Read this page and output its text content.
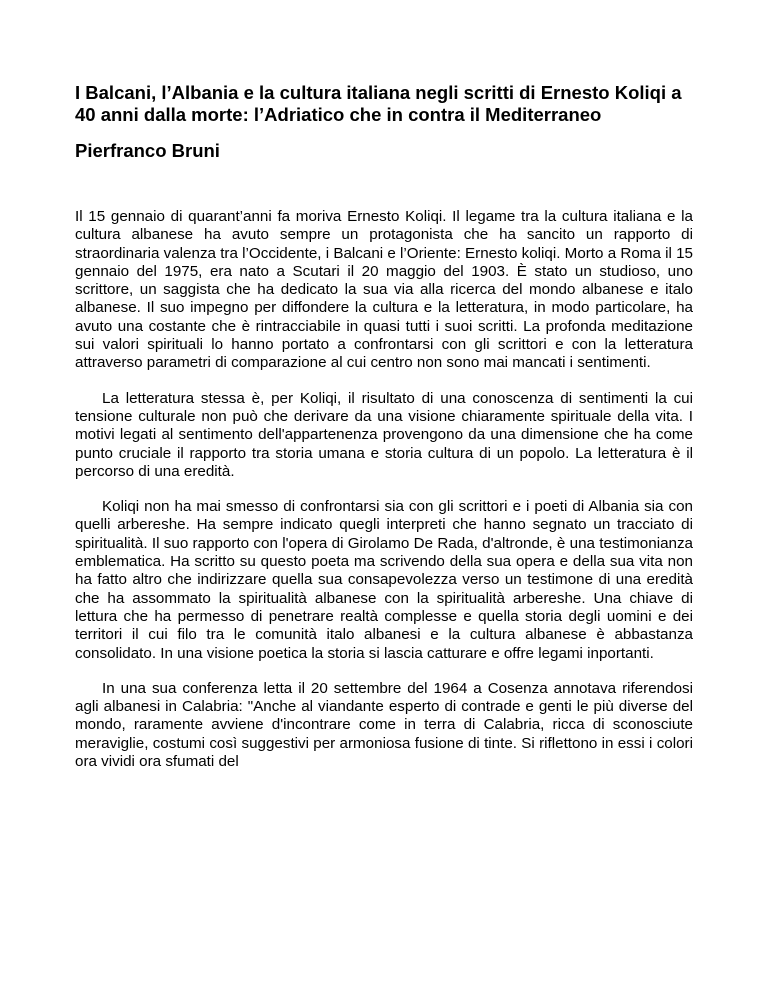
I Balcani, l’Albania e la cultura italiana negli scritti di Ernesto Koliqi a 40 anni dalla morte: l’Adriatico che in contra il Mediterraneo
Pierfranco Bruni

Il 15 gennaio di quarant’anni fa moriva Ernesto Koliqi. Il legame tra la cultura italiana e la cultura albanese ha avuto sempre un protagonista che ha sancito un rapporto di straordinaria valenza tra l’Occidente, i Balcani e l’Oriente: Ernesto koliqi. Morto a Roma il 15 gennaio del 1975, era nato a Scutari il 20 maggio del 1903. È stato un studioso, uno scrittore, un saggista che ha dedicato la sua via alla ricerca del mondo albanese e italo albanese. Il suo impegno per diffondere la cultura e la letteratura, in modo particolare, ha avuto una costante che è rintracciabile in quasi tutti i suoi scritti. La profonda meditazione sui valori spirituali lo hanno portato a confrontarsi con gli scrittori e con la letteratura attraverso parametri di comparazione al cui centro non sono mai mancati i sentimenti.

La letteratura stessa è, per Koliqi, il risultato di una conoscenza di sentimenti la cui tensione culturale non può che derivare da una visione chiaramente spirituale della vita. I motivi legati al sentimento dell'appartenenza provengono da una dimensione che ha come punto cruciale il rapporto tra storia umana e storia cultura di un popolo. La letteratura è il percorso di una eredità.

Koliqi non ha mai smesso di confrontarsi sia con gli scrittori e i poeti di Albania sia con quelli arbereshe. Ha sempre indicato quegli interpreti che hanno segnato un tracciato di spiritualità. Il suo rapporto con l'opera di Girolamo De Rada, d'altronde, è una testimonianza emblematica. Ha scritto su questo poeta ma scrivendo della sua opera e della sua vita non ha fatto altro che indirizzare quella sua consapevolezza verso un testimone di una eredità che ha assommato la spiritualità albanese con la spiritualità arbereshe. Una chiave di lettura che ha permesso di penetrare realtà complesse e quella storia degli uomini e dei territori il cui filo tra le comunità italo albanesi e la cultura albanese è abbastanza consolidato. In una visione poetica la storia si lascia catturare e offre legami inportanti.

In una sua conferenza letta il 20 settembre del 1964 a Cosenza annotava riferendosi agli albanesi in Calabria: "Anche al viandante esperto di contrade e genti le più diverse del mondo, raramente avviene d'incontrare come in terra di Calabria, ricca di sconosciute meraviglie, costumi così suggestivi per armoniosa fusione di tinte. Si riflettono in essi i colori ora vividi ora sfumati del
